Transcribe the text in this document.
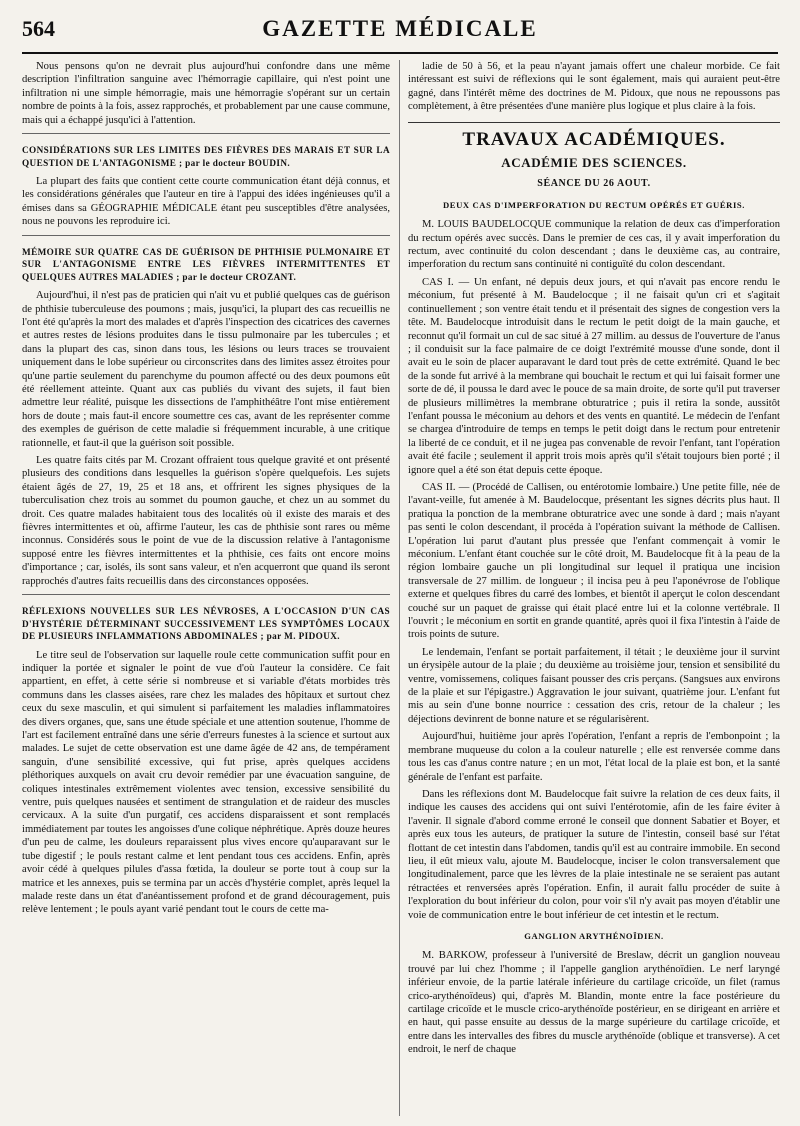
564	GAZETTE MÉDICALE

Nous pensons qu'on ne devrait plus aujourd'hui confondre dans une même description l'infiltration sanguine avec l'hémorragie capillaire, qui n'est point une infiltration ni une simple hémorragie, mais une hémorragie s'opérant sur un certain nombre de points à la fois, assez rapprochés, et probablement par une cause commune, mais qui a échappé jusqu'ici à l'attention.

CONSIDÉRATIONS SUR LES LIMITES DES FIÈVRES DES MARAIS ET SUR LA QUESTION DE L'ANTAGONISME ; par le docteur BOUDIN.

La plupart des faits que contient cette courte communication étant déjà connus, et les considérations générales que l'auteur en tire à l'appui des idées ingénieuses qu'il a émises dans sa GÉOGRAPHIE MÉDICALE étant peu susceptibles d'être analysées, nous ne pouvons les reproduire ici.

MÉMOIRE SUR QUATRE CAS DE GUÉRISON DE PHTHISIE PULMONAIRE ET SUR L'ANTAGONISME ENTRE LES FIÈVRES INTERMITTENTES ET QUELQUES AUTRES MALADIES ; par le docteur CROZANT.

Aujourd'hui, il n'est pas de praticien qui n'ait vu et publié quelques cas de guérison de phthisie tuberculeuse des poumons ; mais, jusqu'ici, la plupart des cas recueillis ne l'ont été qu'après la mort des malades et d'après l'inspection des cicatrices des cavernes et autres restes de lésions produites dans le tissu pulmonaire par les tubercules ; et dans la plupart des cas, sinon dans tous, les lésions ou leurs traces se trouvaient uniquement dans le lobe supérieur ou circonscrites dans des limites assez étroites pour qu'une partie seulement du parenchyme du poumon affecté ou des deux poumons eût été réellement atteinte. Quant aux cas publiés du vivant des sujets, il faut bien admettre leur réalité, puisque les dissections de l'amphithéâtre l'ont mise entièrement hors de doute ; mais faut-il encore soumettre ces cas, avant de les représenter comme des exemples de guérison de cette maladie si fréquemment incurable, à une critique rationnelle, et faut-il que la guérison soit possible.

Les quatre faits cités par M. Crozant offraient tous quelque gravité et ont présenté plusieurs des conditions dans lesquelles la guérison s'opère quelquefois. Les sujets étaient âgés de 27, 19, 25 et 18 ans, et offrirent les signes physiques de la tuberculisation chez trois au sommet du poumon gauche, et chez un au sommet du droit. Ces quatre malades habitaient tous des localités où il existe des marais et des fièvres intermittentes et où, affirme l'auteur, les cas de phthisie sont rares ou même inconnus. Considérés sous le point de vue de la discussion relative à l'antagonisme supposé entre les fièvres intermittentes et la phthisie, ces faits ont encore moins d'importance ; car, isolés, ils sont sans valeur, et n'en acquerront que quand ils seront rapprochés d'autres faits recueillis dans des circonstances opposées.

RÉFLEXIONS NOUVELLES SUR LES NÉVROSES, A L'OCCASION D'UN CAS D'HYSTÉRIE DÉTERMINANT SUCCESSIVEMENT LES SYMPTÔMES LOCAUX DE PLUSIEURS INFLAMMATIONS ABDOMINALES ; par M. PIDOUX.

Le titre seul de l'observation sur laquelle roule cette communication suffit pour en indiquer la portée et signaler le point de vue d'où l'auteur la considère. Ce fait appartient, en effet, à cette série si nombreuse et si variable d'états morbides très communs dans les classes aisées, rare chez les malades des hôpitaux et surtout chez ceux du sexe masculin, et qui simulent si parfaitement les maladies inflammatoires des divers organes, que, sans une étude spéciale et une attention soutenue, l'homme de l'art est facilement entraîné dans une série d'erreurs funestes à la science et surtout aux malades. Le sujet de cette observation est une dame âgée de 42 ans, de tempérament sanguin, d'une sensibilité excessive, qui fut prise, après quelques accidens pléthoriques auxquels on avait cru devoir remédier par une évacuation sanguine, de coliques intestinales extrêmement violentes avec tension, excessive sensibilité du ventre, puis quelques nausées et sentiment de strangulation et de raideur des muscles cervicaux. A la suite d'un purgatif, ces accidens disparaissent et sont remplacés immédiatement par toutes les angoisses d'une colique néphrétique. Après douze heures d'un peu de calme, les douleurs reparaissent plus vives encore qu'auparavant sur le tube digestif ; le pouls restant calme et lent pendant tous ces accidens. Enfin, après avoir cédé à quelques pilules d'assa fœtida, la douleur se porte tout à coup sur la matrice et les annexes, puis se termina par un accès d'hystérie complet, après lequel la malade reste dans un état d'anéantissement profond et de grand découragement, puis relève lentement ; le pouls ayant varié pendant tout le cours de cette ma-

ladie de 50 à 56, et la peau n'ayant jamais offert une chaleur morbide. Ce fait intéressant est suivi de réflexions qui le sont également, mais qui auraient peut-être gagné, dans l'intérêt même des doctrines de M. Pidoux, que nous ne repoussons pas complètement, à être présentées d'une manière plus logique et plus claire à la fois.

TRAVAUX ACADÉMIQUES.
ACADÉMIE DES SCIENCES.
SÉANCE DU 26 AOUT.
DEUX CAS D'IMPERFORATION DU RECTUM OPÉRÉS ET GUÉRIS.

M. LOUIS BAUDELOCQUE communique la relation de deux cas d'imperforation du rectum opérés avec succès. Dans le premier de ces cas, il y avait imperforation du rectum, avec continuité du colon descendant ; dans le deuxième cas, au contraire, imperforation du rectum sans continuité ni contiguïté du colon descendant.

CAS I. — Un enfant, né depuis deux jours, et qui n'avait pas encore rendu le méconium, fut présenté à M. Baudelocque ; il ne faisait qu'un cri et s'agitait continuellement ; son ventre était tendu et il présentait des signes de congestion vers la tête. M. Baudelocque introduisit dans le rectum le petit doigt de la main gauche, et reconnut qu'il formait un cul de sac situé à 27 millim. au dessus de l'ouverture de l'anus ; il conduisit sur la face palmaire de ce doigt l'extrémité mousse d'une sonde, dont il avait eu le soin de placer auparavant le dard tout près de cette extrémité. Quand le bec de la sonde fut arrivé à la membrane qui bouchait le rectum et qui lui faisait former une sorte de dé, il poussa le dard avec le pouce de sa main droite, de sorte qu'il put traverser de plusieurs millimètres la membrane obturatrice ; puis il retira la sonde, aussitôt l'enfant poussa le méconium au dehors et des vents en quantité. Le médecin de l'enfant se chargea d'introduire de temps en temps le petit doigt dans le rectum pour entretenir la liberté de ce conduit, et il ne jugea pas convenable de revoir l'enfant, tant l'opération avait été facile ; seulement il apprit trois mois après qu'il s'était toujours bien porté ; il ignore quel a été son état depuis cette époque.

CAS II. — (Procédé de Callisen, ou entérotomie lombaire.) Une petite fille, née de l'avant-veille, fut amenée à M. Baudelocque, présentant les signes décrits plus haut. Il pratiqua la ponction de la membrane obturatrice avec une sonde à dard ; mais n'ayant pas senti le colon descendant, il procéda à l'opération suivant la méthode de Callisen. L'opération lui parut d'autant plus pressée que l'enfant commençait à vomir le méconium. L'enfant étant couchée sur le côté droit, M. Baudelocque fit à la peau de la région lombaire gauche un pli longitudinal sur lequel il pratiqua une incision transversale de 27 millim. de longueur ; il incisa peu à peu l'aponévrose de l'oblique externe et quelques fibres du carré des lombes, et bientôt il aperçut le colon descendant couché sur un paquet de graisse qui était placé entre lui et la colonne vertébrale. Il l'ouvrit ; le méconium en sortit en grande quantité, après quoi il fixa l'intestin à l'aide de trois points de suture.

Le lendemain, l'enfant se portait parfaitement, il tétait ; le deuxième jour il survint un érysipèle autour de la plaie ; du deuxième au troisième jour, tension et sensibilité du ventre, vomissemens, coliques faisant pousser des cris perçans. (Sangsues aux environs de la plaie et sur l'épigastre.) Aggravation le jour suivant, quatrième jour. L'enfant fut mis au sein d'une bonne nourrice : cessation des cris, retour de la chaleur ; les déjections devinrent de bonne nature et se régularisèrent.

Aujourd'hui, huitième jour après l'opération, l'enfant a repris de l'embonpoint ; la membrane muqueuse du colon a la couleur naturelle ; elle est renversée comme dans tous les cas d'anus contre nature ; en un mot, l'état local de la plaie est bon, et la santé générale de l'enfant est parfaite.

Dans les réflexions dont M. Baudelocque fait suivre la relation de ces deux faits, il indique les causes des accidens qui ont suivi l'entérotomie, afin de les faire éviter à l'avenir. Il signale d'abord comme erroné le conseil que donnent Sabatier et Boyer, et après eux tous les auteurs, de pratiquer la suture de l'intestin, conseil basé sur l'état flottant de cet intestin dans l'abdomen, tandis qu'il est au contraire immobile. En second lieu, il eût mieux valu, ajoute M. Baudelocque, inciser le colon transversalement que longitudinalement, parce que les lèvres de la plaie intestinale ne se seraient pas autant rétractées et renversées après l'opération. Enfin, il aurait fallu procéder de suite à l'exploration du bout inférieur du colon, pour voir s'il n'y avait pas moyen d'établir une voie de communication entre le bout inférieur de cet intestin et le rectum.

GANGLION ARYTHÉNOÏDIEN.

M. BARKOW, professeur à l'université de Breslaw, décrit un ganglion nouveau trouvé par lui chez l'homme ; il l'appelle ganglion arythénoïdien. Le nerf laryngé inférieur envoie, de la partie latérale inférieure du cartilage cricoïde, un filet (ramus crico-arythénoïdeus) qui, d'après M. Blandin, monte entre la face postérieure du cartilage cricoïde et le muscle crico-arythénoïde postérieur, en se dirigeant en arrière et en haut, qui passe ensuite au dessus de la marge supérieure du cartilage cricoïde, et entre dans les intervalles des fibres du muscle arythénoïde (oblique et transverse). A cet endroit, le nerf de chaque
